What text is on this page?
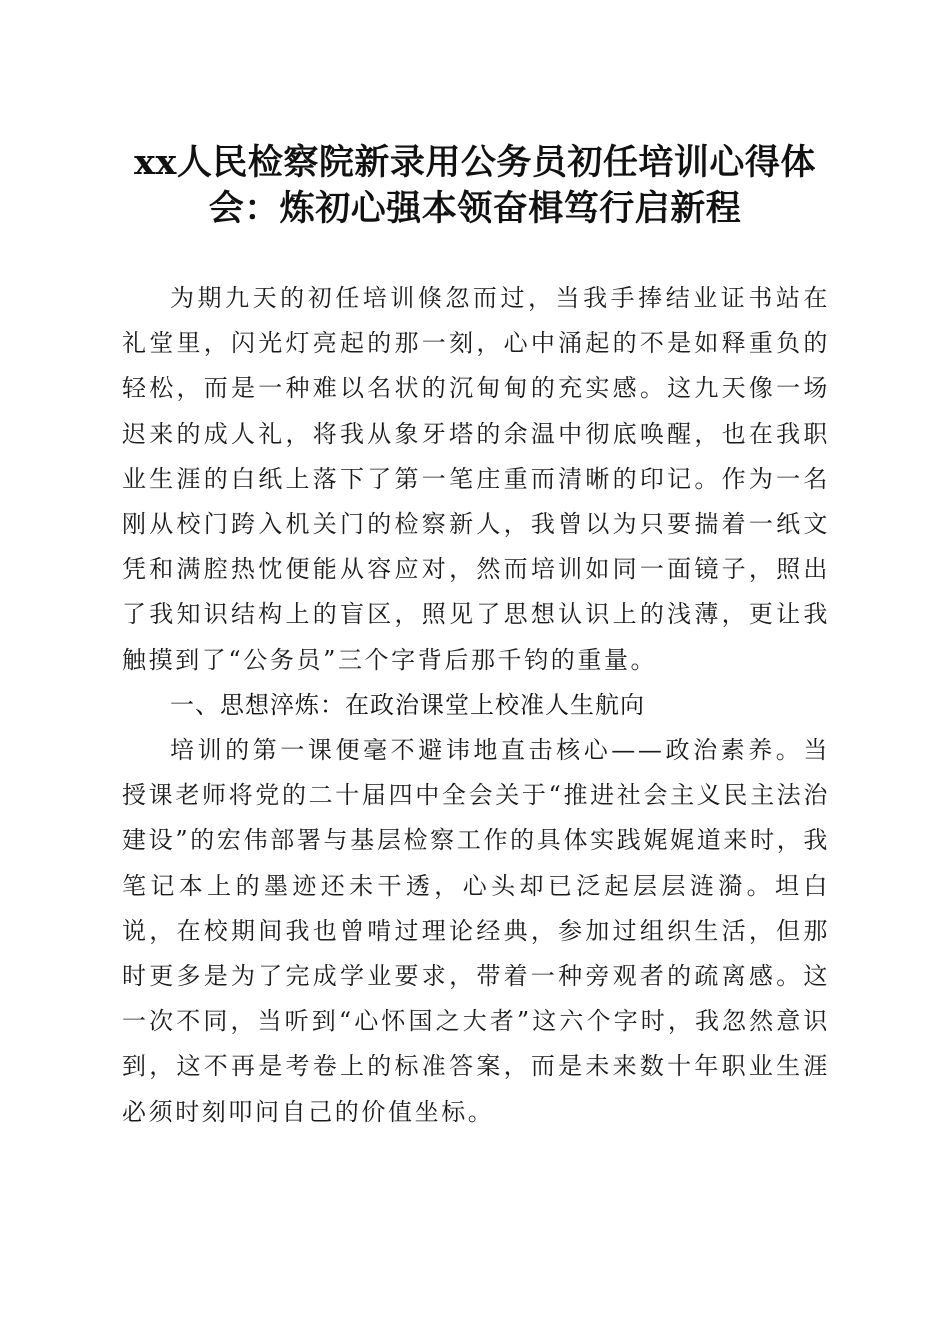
xx人民检察院新录用公务员初任培训心得体会：炼初心强本领奋楫笃行启新程

为期九天的初任培训倏忽而过，当我手捧结业证书站在礼堂里，闪光灯亮起的那一刻，心中涌起的不是如释重负的轻松，而是一种难以名状的沉甸甸的充实感。这九天像一场迟来的成人礼，将我从象牙塔的余温中彻底唤醒，也在我职业生涯的白纸上落下了第一笔庄重而清晰的印记。作为一名刚从校门跨入机关门的检察新人，我曾以为只要揣着一纸文凭和满腔热忱便能从容应对，然而培训如同一面镜子，照出了我知识结构上的盲区，照见了思想认识上的浅薄，更让我触摸到了“公务员”三个字背后那千钧的重量。

一、思想淬炼：在政治课堂上校准人生航向

培训的第一课便毫不避讳地直击核心——政治素养。当授课老师将党的二十届四中全会关于“推进社会主义民主法治建设”的宏伟部署与基层检察工作的具体实践娓娓道来时，我笔记本上的墨迹还未干透，心头却已泛起层层涟漪。坦白说，在校期间我也曾啃过理论经典，参加过组织生活，但那时更多是为了完成学业要求，带着一种旁观者的疏离感。这一次不同，当听到“心怀国之大者”这六个字时，我忽然意识到，这不再是考卷上的标准答案，而是未来数十年职业生涯必须时刻叩问自己的价值坐标。
